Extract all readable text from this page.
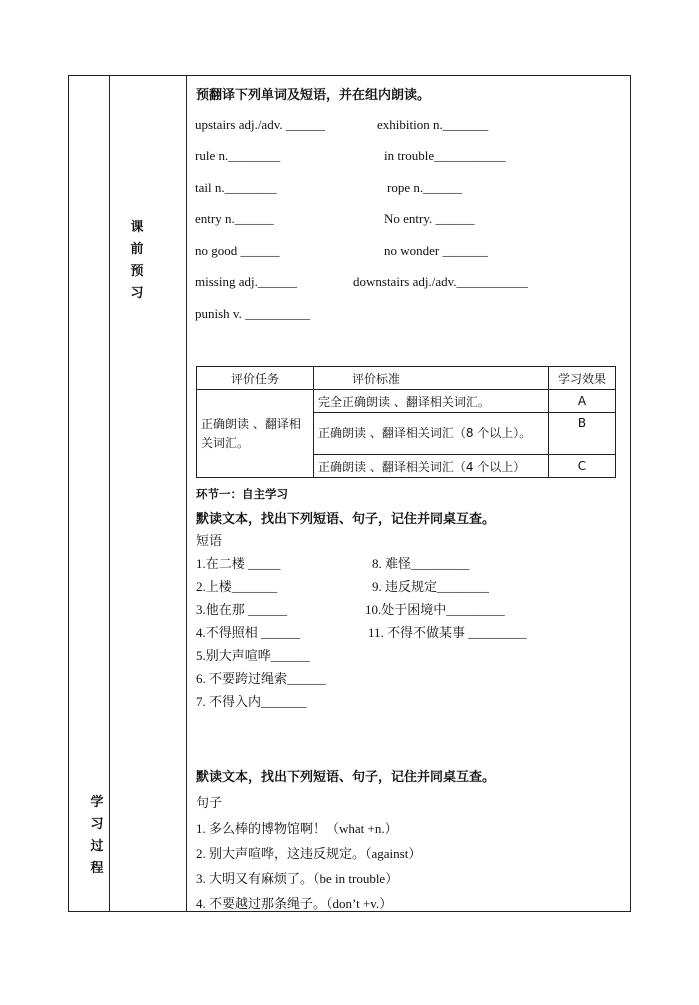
课
前
预
习
学
习
过
程
预翻译下列单词及短语，并在组内朗读。
upstairs adj./adv. ______	exhibition n._______
rule n.________	in trouble___________
tail n.________	rope n.______
entry n.______	No entry. ______
no good ______	no wonder _______
missing adj.______	downstairs adj./adv.___________
punish v. __________
评价任务	评价标准	学习效果
正确朗读 、翻译相关词汇。	完全正确朗读 、翻译相关词汇。	A
	正确朗读 、翻译相关词汇（8 个以上）。	B
	正确朗读 、翻译相关词汇（4 个以上）	C
环节一：自主学习
默读文本，找出下列短语、句子，记住并同桌互查。
短语
1.在二楼 _____	8. 难怪_________
2.上楼_______	9. 违反规定________
3.他在那 ______	10.处于困境中_________
4.不得照相 ______	11. 不得不做某事 _________
5.别大声喧哗______
6. 不要跨过绳索______
7. 不得入内_______
默读文本，找出下列短语、句子，记住并同桌互查。
句子
1. 多么棒的博物馆啊！（what +n.）
2. 别大声喧哗，这违反规定。（against）
3. 大明又有麻烦了。（be in trouble）
4. 不要越过那条绳子。（don’t +v.）
